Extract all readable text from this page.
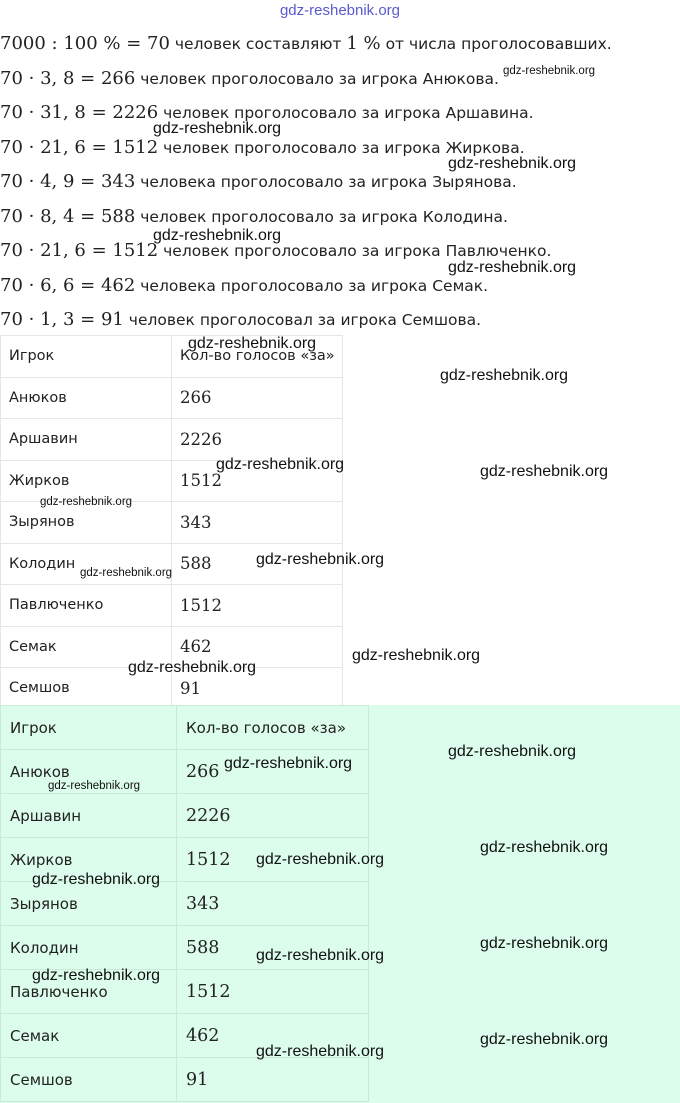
gdz-reshebnik.org
7000 : 100 % = 70 человек составляют 1 % от числа проголосовавших.
70 · 3, 8 = 266 человек проголосовало за игрока Анюкова.
70 · 31, 8 = 2226 человек проголосовало за игрока Аршавина.
70 · 21, 6 = 1512 человек проголосовало за игрока Жиркова.
70 · 4, 9 = 343 человека проголосовало за игрока Зырянова.
70 · 8, 4 = 588 человек проголосовало за игрока Колодина.
70 · 21, 6 = 1512 человек проголосовало за игрока Павлюченко.
70 · 6, 6 = 462 человека проголосовало за игрока Семак.
70 · 1, 3 = 91 человек проголосовал за игрока Семшова.
Игрок	Кол-во голосов «за»
Анюков	266
Аршавин	2226
Жирков	1512
Зырянов	343
Колодин	588
Павлюченко	1512
Семак	462
Семшов	91
Игрок	Кол-во голосов «за»
Анюков	266
Аршавин	2226
Жирков	1512
Зырянов	343
Колодин	588
Павлюченко	1512
Семак	462
Семшов	91
gdz-reshebnik.org
gdz-reshebnik.org
gdz-reshebnik.org
gdz-reshebnik.org
gdz-reshebnik.org
gdz-reshebnik.org
gdz-reshebnik.org
gdz-reshebnik.org	gdz-reshebnik.org
gdz-reshebnik.org
gdz-reshebnik.org
gdz-reshebnik.org
gdz-reshebnik.org
gdz-reshebnik.org
gdz-reshebnik.org
gdz-reshebnik.org
gdz-reshebnik.org
gdz-reshebnik.org
gdz-reshebnik.org
gdz-reshebnik.org
gdz-reshebnik.org
gdz-reshebnik.org
gdz-reshebnik.org
gdz-reshebnik.org
gdz-reshebnik.org
